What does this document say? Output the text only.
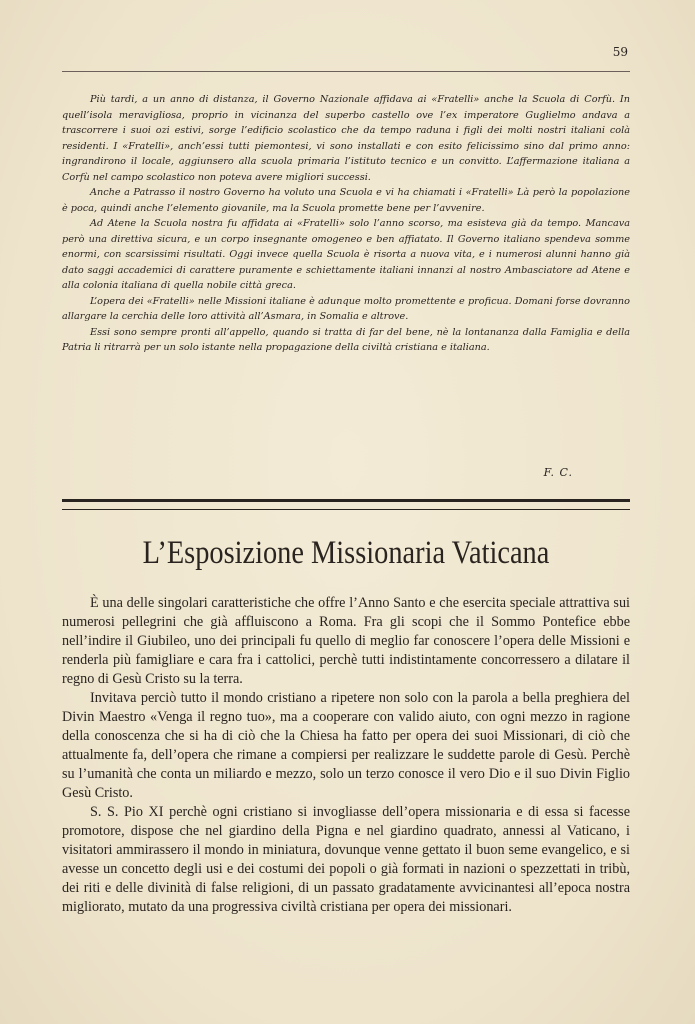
59

Più tardi, a un anno di distanza, il Governo Nazionale affidava ai «Fratelli» anche la Scuola di Corfù. In quell’isola meravigliosa, proprio in vicinanza del superbo castello ove l’ex imperatore Guglielmo andava a trascorrere i suoi ozi estivi, sorge l’edificio scolastico che da tempo raduna i figli dei molti nostri italiani colà residenti. I «Fratelli», anch’essi tutti piemontesi, vi sono installati e con esito felicissimo sino dal primo anno: ingrandirono il locale, aggiunsero alla scuola primaria l’istituto tecnico e un convitto. L’affermazione italiana a Corfù nel campo scolastico non poteva avere migliori successi.

Anche a Patrasso il nostro Governo ha voluto una Scuola e vi ha chiamati i «Fratelli» Là però la popolazione è poca, quindi anche l’elemento giovanile, ma la Scuola promette bene per l’avvenire.

Ad Atene la Scuola nostra fu affidata ai «Fratelli» solo l’anno scorso, ma esisteva già da tempo. Mancava però una direttiva sicura, e un corpo insegnante omogeneo e ben affiatato. Il Governo italiano spendeva somme enormi, con scarsissimi risultati. Oggi invece quella Scuola è risorta a nuova vita, e i numerosi alunni hanno già dato saggi accademici di carattere puramente e schiettamente italiani innanzi al nostro Ambasciatore ad Atene e alla colonia italiana di quella nobile città greca.

L’opera dei «Fratelli» nelle Missioni italiane è adunque molto promettente e proficua. Domani forse dovranno allargare la cerchia delle loro attività all’Asmara, in Somalia e altrove.

Essi sono sempre pronti all’appello, quando si tratta di far del bene, nè la lontananza dalla Famiglia e della Patria li ritrarrà per un solo istante nella propagazione della civiltà cristiana e italiana.

F. C.
L’Esposizione Missionaria Vaticana

È una delle singolari caratteristiche che offre l’Anno Santo e che esercita speciale attrattiva sui numerosi pellegrini che già affluiscono a Roma. Fra gli scopi che il Sommo Pontefice ebbe nell’indire il Giubileo, uno dei principali fu quello di meglio far conoscere l’opera delle Missioni e renderla più famigliare e cara fra i cattolici, perchè tutti indistintamente concorressero a dilatare il regno di Gesù Cristo su la terra.

Invitava perciò tutto il mondo cristiano a ripetere non solo con la parola a bella preghiera del Divin Maestro «Venga il regno tuo», ma a cooperare con valido aiuto, con ogni mezzo in ragione della conoscenza che si ha di ciò che la Chiesa ha fatto per opera dei suoi Missionari, di ciò che attualmente fa, dell’opera che rimane a compiersi per realizzare le suddette parole di Gesù. Perchè su l’umanità che conta un miliardo e mezzo, solo un terzo conosce il vero Dio e il suo Divin Figlio Gesù Cristo.

S. S. Pio XI perchè ogni cristiano si invogliasse dell’opera missionaria e di essa si facesse promotore, dispose che nel giardino della Pigna e nel giardino quadrato, annessi al Vaticano, i visitatori ammirassero il mondo in miniatura, dovunque venne gettato il buon seme evangelico, e si avesse un concetto degli usi e dei costumi dei popoli o già formati in nazioni o spezzettati in tribù, dei riti e delle divinità di false religioni, di un passato gradatamente avvicinantesi all’epoca nostra migliorato, mutato da una progressiva civiltà cristiana per opera dei missionari.
